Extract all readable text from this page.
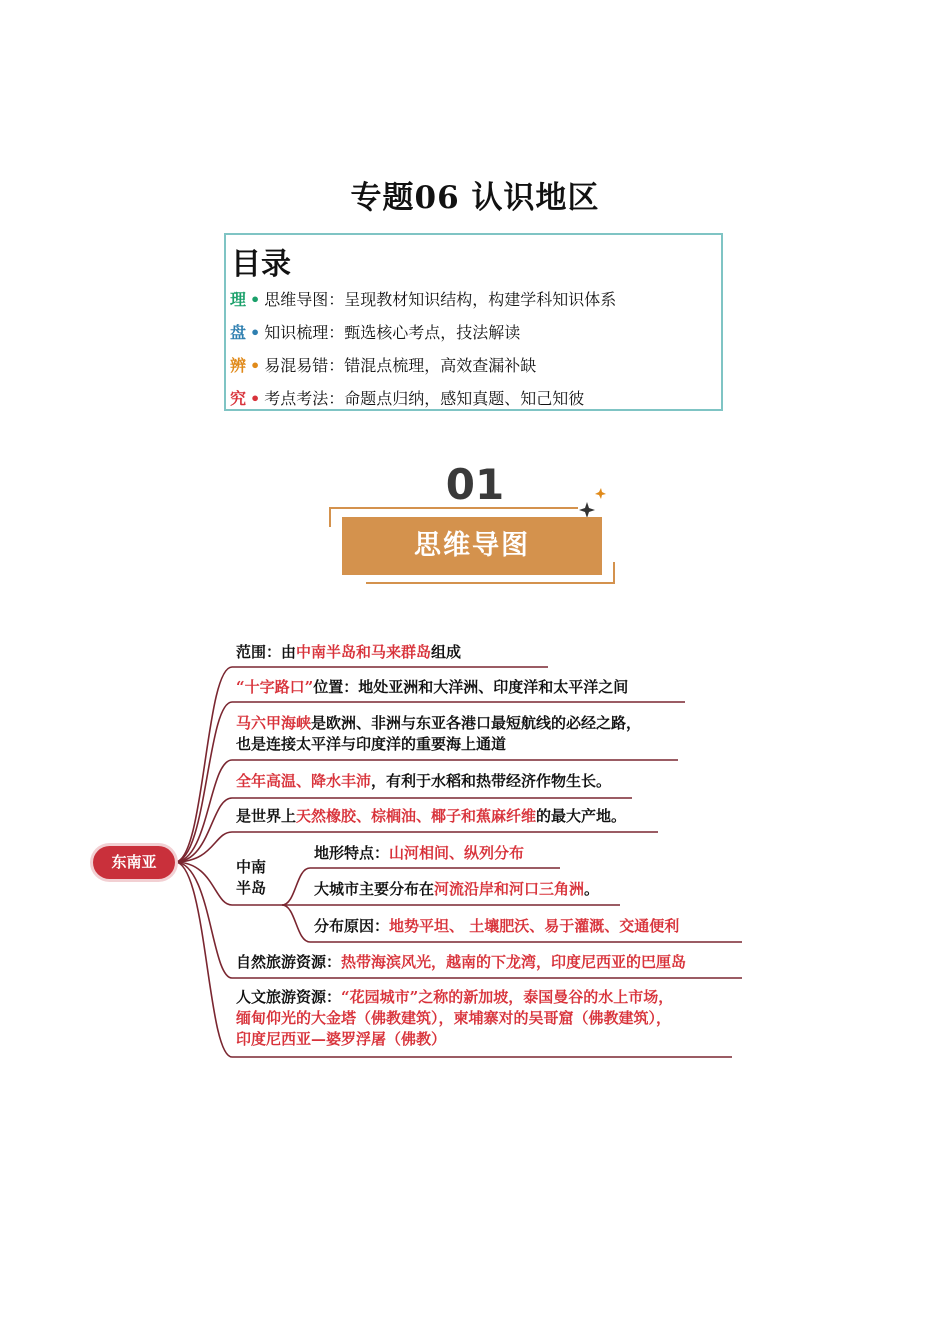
专题06 认识地区
目录
理 • 思维导图：呈现教材知识结构，构建学科知识体系
盘 • 知识梳理：甄选核心考点，技法解读
辨 • 易混易错：错混点梳理，高效查漏补缺
究 • 考点考法：命题点归纳，感知真题、知己知彼
01
思维导图
东南亚
范围：由中南半岛和马来群岛组成
“十字路口”位置：地处亚洲和大洋洲、印度洋和太平洋之间
马六甲海峡是欧洲、非洲与东亚各港口最短航线的必经之路，
也是连接太平洋与印度洋的重要海上通道
全年高温、降水丰沛，有利于水稻和热带经济作物生长。
是世界上天然橡胶、棕榈油、椰子和蕉麻纤维的最大产地。
中南
半岛
地形特点：山河相间、纵列分布
大城市主要分布在河流沿岸和河口三角洲。
分布原因：地势平坦、 土壤肥沃、易于灌溉、交通便利
自然旅游资源：热带海滨风光，越南的下龙湾，印度尼西亚的巴厘岛
人文旅游资源：“花园城市”之称的新加坡，泰国曼谷的水上市场，
缅甸仰光的大金塔（佛教建筑），柬埔寨对的吴哥窟（佛教建筑），
印度尼西亚—婆罗浮屠（佛教）
